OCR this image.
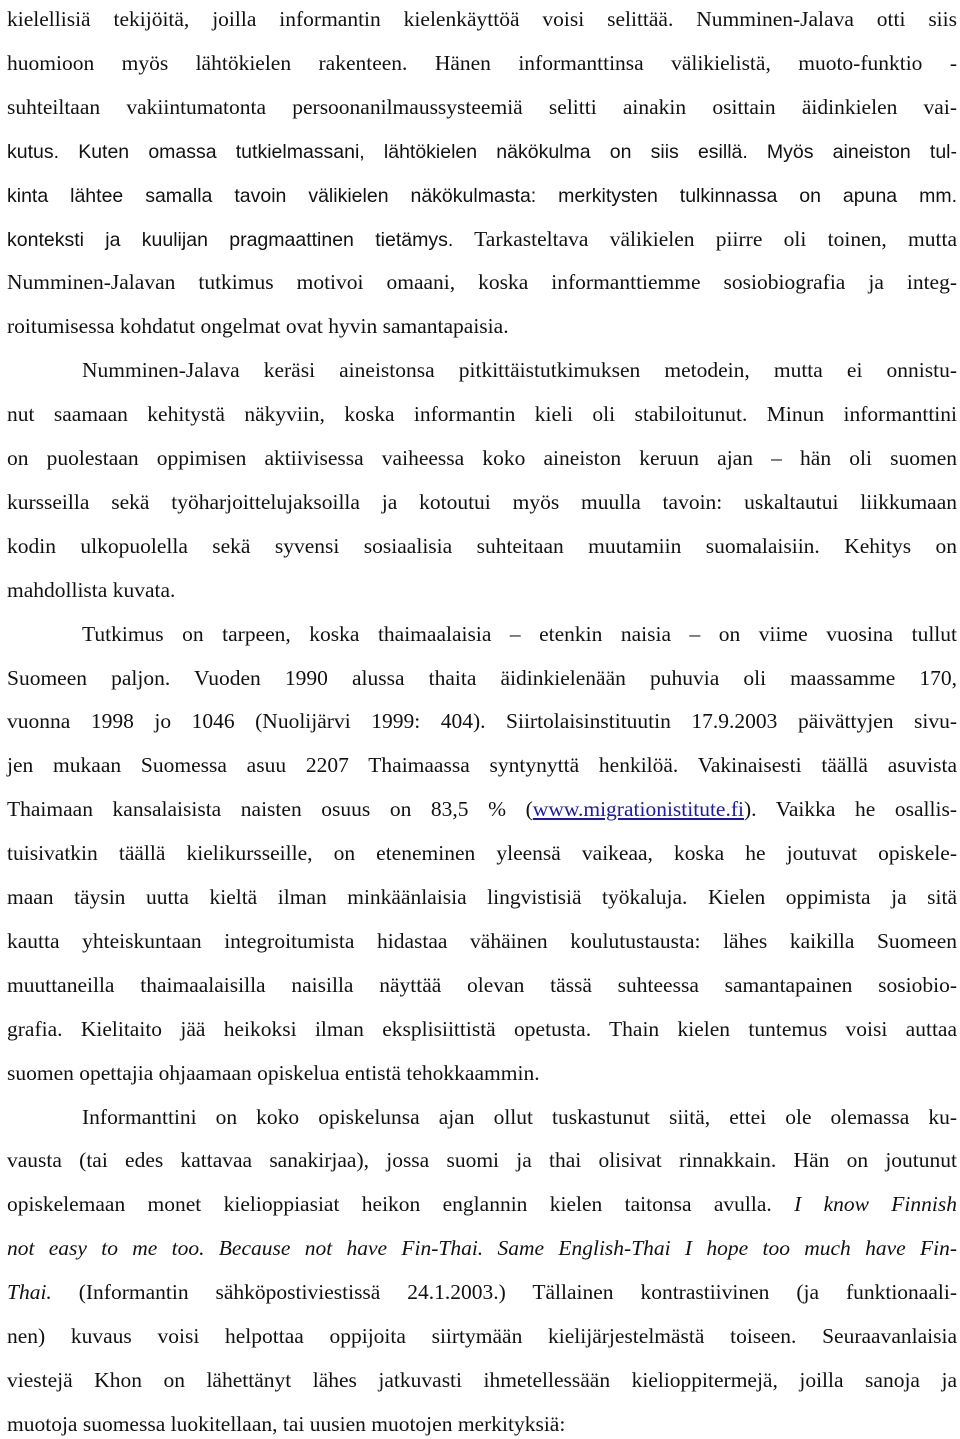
kielellisiä tekijöitä, joilla informantin kielenkäyttöä voisi selittää. Numminen-Jalava otti siis
huomioon myös lähtökielen rakenteen. Hänen informanttinsa välikielistä, muoto-funktio -
suhteiltaan vakiintumatonta persoonanilmaussysteemiä selitti ainakin osittain äidinkielen vai-
kutus. Kuten omassa tutkielmassani, lähtökielen näkökulma on siis esillä. Myös aineiston tul-
kinta lähtee samalla tavoin välikielen näkökulmasta: merkitysten tulkinnassa on apuna mm.
konteksti ja kuulijan pragmaattinen tietämys. Tarkasteltava välikielen piirre oli toinen, mutta
Numminen-Jalavan tutkimus motivoi omaani, koska informanttiemme sosiobiografia ja integ-
roitumisessa kohdatut ongelmat ovat hyvin samantapaisia.
Numminen-Jalava keräsi aineistonsa pitkittäistutkimuksen metodein, mutta ei onnistu-
nut saamaan kehitystä näkyviin, koska informantin kieli oli stabiloitunut. Minun informanttini
on puolestaan oppimisen aktiivisessa vaiheessa koko aineiston keruun ajan – hän oli suomen
kursseilla sekä työharjoittelujaksoilla ja kotoutui myös muulla tavoin: uskaltautui liikkumaan
kodin ulkopuolella sekä syvensi sosiaalisia suhteitaan muutamiin suomalaisiin. Kehitys on
mahdollista kuvata.
Tutkimus on tarpeen, koska thaimaalaisia – etenkin naisia – on viime vuosina tullut
Suomeen paljon. Vuoden 1990 alussa thaita äidinkielenään puhuvia oli maassamme 170,
vuonna 1998 jo 1046 (Nuolijärvi 1999: 404). Siirtolaisinstituutin 17.9.2003 päivättyjen sivu-
jen mukaan Suomessa asuu 2207 Thaimaassa syntynyttä henkilöä. Vakinaisesti täällä asuvista
Thaimaan kansalaisista naisten osuus on 83,5 % (www.migrationistitute.fi). Vaikka he osallis-
tuisivatkin täällä kielikursseille, on eteneminen yleensä vaikeaa, koska he joutuvat opiskele-
maan täysin uutta kieltä ilman minkäänlaisia lingvistisiä työkaluja. Kielen oppimista ja sitä
kautta yhteiskuntaan integroitumista hidastaa vähäinen koulutustausta: lähes kaikilla Suomeen
muuttaneilla thaimaalaisilla naisilla näyttää olevan tässä suhteessa samantapainen sosiobio-
grafia. Kielitaito jää heikoksi ilman eksplisiittistä opetusta. Thain kielen tuntemus voisi auttaa
suomen opettajia ohjaamaan opiskelua entistä tehokkaammin.
Informanttini on koko opiskelunsa ajan ollut tuskastunut siitä, ettei ole olemassa ku-
vausta (tai edes kattavaa sanakirjaa), jossa suomi ja thai olisivat rinnakkain. Hän on joutunut
opiskelemaan monet kielioppiasiat heikon englannin kielen taitonsa avulla. I know Finnish
not easy to me too. Because not have Fin-Thai. Same English-Thai I hope too much have Fin-
Thai. (Informantin sähköpostiviestissä 24.1.2003.) Tällainen kontrastiivinen (ja funktionaali-
nen) kuvaus voisi helpottaa oppijoita siirtymään kielijärjestelmästä toiseen. Seuraavanlaisia
viestejä Khon on lähettänyt lähes jatkuvasti ihmetellessään kielioppitermejä, joilla sanoja ja
muotoja suomessa luokitellaan, tai uusien muotojen merkityksiä:
